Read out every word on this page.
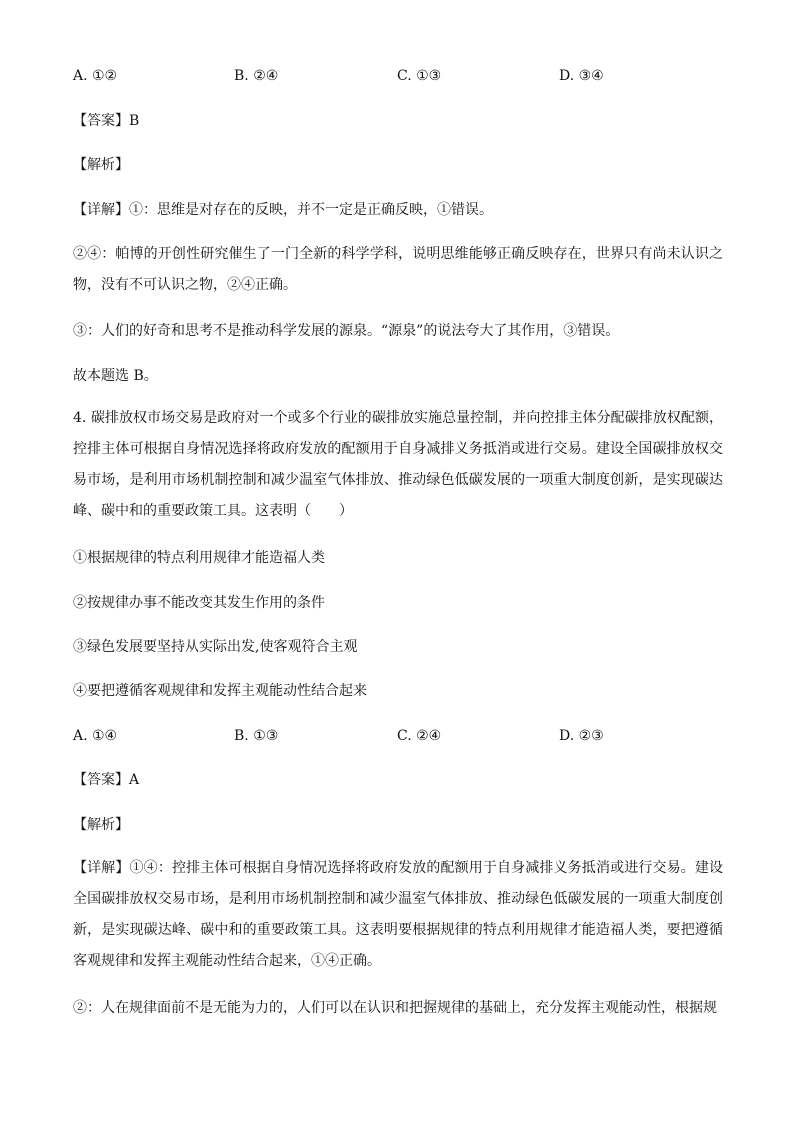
A. ①②	B. ②④	C. ①③	D. ③④
【答案】B
【解析】
【详解】①：思维是对存在的反映，并不一定是正确反映，①错误。
②④：帕博的开创性研究催生了一门全新的科学学科，说明思维能够正确反映存在，世界只有尚未认识之物，没有不可认识之物，②④正确。
③：人们的好奇和思考不是推动科学发展的源泉。“源泉”的说法夸大了其作用，③错误。
故本题选 B。
4. 碳排放权市场交易是政府对一个或多个行业的碳排放实施总量控制，并向控排主体分配碳排放权配额，控排主体可根据自身情况选择将政府发放的配额用于自身减排义务抵消或进行交易。建设全国碳排放权交易市场，是利用市场机制控制和减少温室气体排放、推动绿色低碳发展的一项重大制度创新，是实现碳达峰、碳中和的重要政策工具。这表明（　　）
①根据规律的特点利用规律才能造福人类
②按规律办事不能改变其发生作用的条件
③绿色发展要坚持从实际出发,使客观符合主观
④要把遵循客观规律和发挥主观能动性结合起来
A. ①④	B. ①③	C. ②④	D. ②③
【答案】A
【解析】
【详解】①④：控排主体可根据自身情况选择将政府发放的配额用于自身减排义务抵消或进行交易。建设全国碳排放权交易市场，是利用市场机制控制和减少温室气体排放、推动绿色低碳发展的一项重大制度创新，是实现碳达峰、碳中和的重要政策工具。这表明要根据规律的特点利用规律才能造福人类，要把遵循客观规律和发挥主观能动性结合起来，①④正确。
②：人在规律面前不是无能为力的，人们可以在认识和把握规律的基础上，充分发挥主观能动性，根据规
